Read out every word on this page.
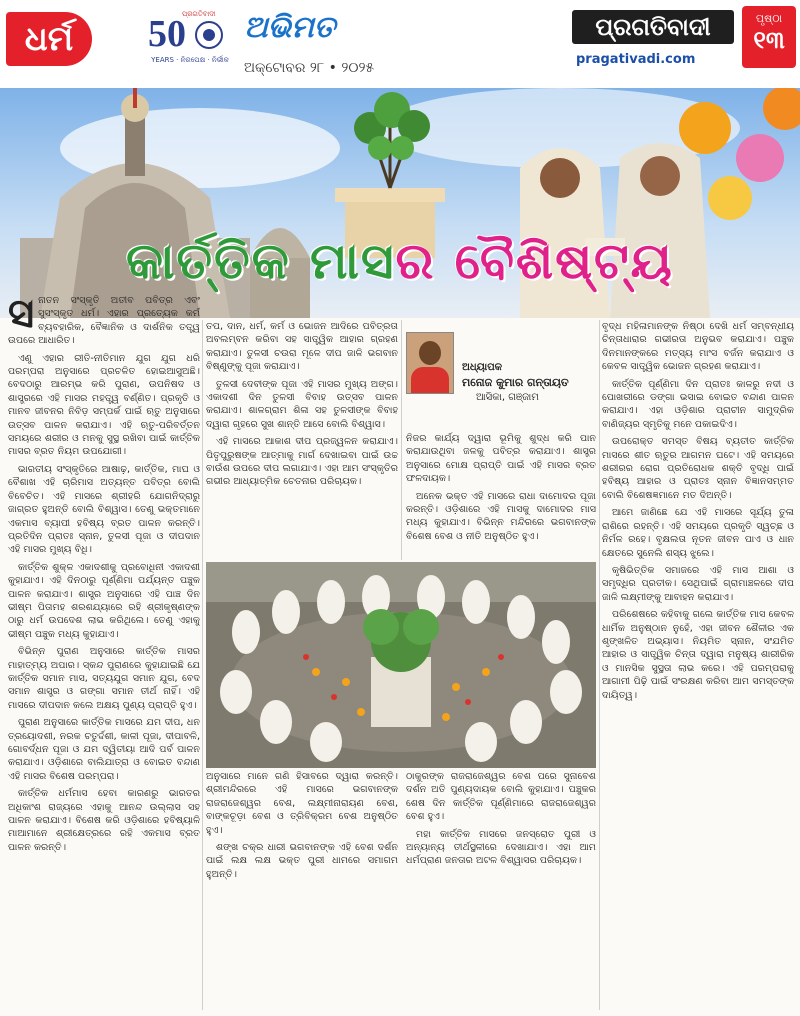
ଧର୍ମ
ପ୍ରଗତିବାଦୀ
50
YEARS · ନିରପେକ୍ଷ · ନିର୍ଭୀକ
ଅଭିମତ
ଅକ୍ଟୋବର ୨୮ • ୨୦୨୫
ପ୍ରଗତିବାଦୀ
pragativadi.com
ପୃଷ୍ଠା
୧୩
କାର୍ତ୍ତିକ ମାସର ବୈଶିଷ୍ଟ୍ୟ
ସ ନାତନ ସଂସ୍କୃତି ଅତୀବ ପବିତ୍ର ଏବଂ ସୁସଂସ୍କୃତ ଧର୍ମ। ଏହାର ପ୍ରତ୍ୟେକ କର୍ମ ବ୍ୟବହାରିକ, ବୈଜ୍ଞାନିକ ଓ ଦାର୍ଶନିକ ତତ୍ତ୍ୱ ଉପରେ ଆଧାରିତ।

ଏଣୁ ଏହାର ରୀତି-ନୀତିମାନ ଯୁଗ ଯୁଗ ଧରି ପରମ୍ପରା ଅନୁସାରେ ପ୍ରଚଳିତ ହୋଇଆସୁଅଛି। ବେଦଠାରୁ ଆରମ୍ଭ କରି ପୁରାଣ, ଉପନିଷଦ ଓ ଶାସ୍ତ୍ରରେ ଏହି ମାସର ମହତ୍ତ୍ୱ ବର୍ଣ୍ଣିତ। ପ୍ରକୃତି ଓ ମାନବ ଜୀବନର ନିବିଡ଼ ସମ୍ପର୍କ ପାଇଁ ଋତୁ ଅନୁସାରେ ଉତ୍ସବ ପାଳନ କରାଯାଏ। ଏହି ଋତୁ-ପରିବର୍ତ୍ତନ ସମୟରେ ଶରୀର ଓ ମନକୁ ସୁସ୍ଥ ରଖିବା ପାଇଁ କାର୍ତ୍ତିକ ମାସର ବ୍ରତ ନିୟମ ଉପଯୋଗୀ।

ଭାରତୀୟ ସଂସ୍କୃତିରେ ଆଷାଢ଼, କାର୍ତ୍ତିକ, ମାଘ ଓ ବୈଶାଖ ଏହି ଚାରିମାସ ଅତ୍ୟନ୍ତ ପବିତ୍ର ବୋଲି ବିବେଚିତ। ଏହି ମାସରେ ଶ୍ରୀହରି ଯୋଗନିଦ୍ରାରୁ ଜାଗ୍ରତ ହୁଅନ୍ତି ବୋଲି ବିଶ୍ୱାସ। ତେଣୁ ଭକ୍ତମାନେ ଏକମାସ ବ୍ୟାପୀ ହବିଷ୍ୟ ବ୍ରତ ପାଳନ କରନ୍ତି। ପ୍ରତିଦିନ ପ୍ରାତଃ ସ୍ନାନ, ତୁଳସୀ ପୂଜା ଓ ଦୀପଦାନ ଏହି ମାସର ମୁଖ୍ୟ ବିଧି।

କାର୍ତ୍ତିକ ଶୁକ୍ଳ ଏକାଦଶୀକୁ ପ୍ରବୋଧିନୀ ଏକାଦଶୀ କୁହାଯାଏ। ଏହି ଦିନଠାରୁ ପୂର୍ଣ୍ଣିମା ପର୍ଯ୍ୟନ୍ତ ପଞ୍ଚୁକ ପାଳନ କରାଯାଏ। ଶାସ୍ତ୍ର ଅନୁସାରେ ଏହି ପାଞ୍ଚ ଦିନ ଭୀଷ୍ମ ପିତାମହ ଶରଶଯ୍ୟାରେ ରହି ଶ୍ରୀକୃଷ୍ଣଙ୍କ ଠାରୁ ଧର୍ମ ଉପଦେଶ ଲାଭ କରିଥିଲେ। ତେଣୁ ଏହାକୁ ଭୀଷ୍ମ ପଞ୍ଚୁକ ମଧ୍ୟ କୁହାଯାଏ।

ବିଭିନ୍ନ ପୁରାଣ ଅନୁସାରେ କାର୍ତ୍ତିକ ମାସର ମାହାତ୍ମ୍ୟ ଅପାର। ସ୍କନ୍ଦ ପୁରାଣରେ କୁହାଯାଇଛି ଯେ କାର୍ତ୍ତିକ ସମାନ ମାସ, ସତ୍ୟଯୁଗ ସମାନ ଯୁଗ, ବେଦ ସମାନ ଶାସ୍ତ୍ର ଓ ଗଙ୍ଗା ସମାନ ତୀର୍ଥ ନାହିଁ। ଏହି ମାସରେ ଦୀପଦାନ କଲେ ଅକ୍ଷୟ ପୁଣ୍ୟ ପ୍ରାପ୍ତି ହୁଏ।

ପୁରାଣ ଅନୁସାରେ କାର୍ତ୍ତିକ ମାସରେ ଯମ ଦୀପ, ଧନ ତ୍ରୟୋଦଶୀ, ନରକ ଚତୁର୍ଦ୍ଦଶୀ, କାଳୀ ପୂଜା, ଦୀପାବଳି, ଗୋବର୍ଦ୍ଧନ ପୂଜା ଓ ଯମ ଦ୍ୱିତୀୟା ଆଦି ପର୍ବ ପାଳନ କରାଯାଏ। ଓଡ଼ିଶାରେ ବାଲିଯାତ୍ରା ଓ ବୋଇତ ବନ୍ଦାଣ ଏହି ମାସର ବିଶେଷ ପରମ୍ପରା।

କାର୍ତ୍ତିକ ଧର୍ମମାସ ହେବା କାରଣରୁ ଭାରତର ଅଧିକାଂଶ ରାଜ୍ୟରେ ଏହାକୁ ଆନନ୍ଦ ଉଲ୍ଲାସ ସହ ପାଳନ କରାଯାଏ। ବିଶେଷ କରି ଓଡ଼ିଶାରେ ହବିଷ୍ୟାଳି ମାଆମାନେ ଶ୍ରୀକ୍ଷେତ୍ରରେ ରହି ଏକମାସ ବ୍ରତ ପାଳନ କରନ୍ତି।

ତପ, ଦାନ, ଧର୍ମ, କର୍ମ ଓ ଭୋଜନ ଆଦିରେ ପବିତ୍ରତା ଅବଲମ୍ବନ କରିବା ସହ ସାତ୍ତ୍ୱିକ ଆହାର ଗ୍ରହଣ କରାଯାଏ। ତୁଳସୀ ଚଉରା ମୂଳେ ଦୀପ ଜାଳି ଭଗବାନ ବିଷ୍ଣୁଙ୍କୁ ପୂଜା କରାଯାଏ।

ତୁଳସୀ ଦେବୀଙ୍କ ପୂଜା ଏହି ମାସର ମୁଖ୍ୟ ଅଙ୍ଗ। ଏକାଦଶୀ ଦିନ ତୁଳସୀ ବିବାହ ଉତ୍ସବ ପାଳନ କରାଯାଏ। ଶାଳଗ୍ରାମ ଶିଳା ସହ ତୁଳସୀଙ୍କ ବିବାହ ଦ୍ୱାରା ଗୃହରେ ସୁଖ ଶାନ୍ତି ଆସେ ବୋଲି ବିଶ୍ୱାସ।

ଏହି ମାସରେ ଆକାଶ ଦୀପ ପ୍ରଜ୍ୱଳନ କରାଯାଏ। ପିତୃପୁରୁଷଙ୍କ ଆତ୍ମାକୁ ମାର୍ଗ ଦେଖାଇବା ପାଇଁ ଉଚ୍ଚ ବାଉଁଶ ଉପରେ ଦୀପ ଲଗାଯାଏ। ଏହା ଆମ ସଂସ୍କୃତିର ଗଭୀର ଆଧ୍ୟାତ୍ମିକ ଚେତନାର ପରିଚାୟକ।

ଅଧ୍ୟାପକ
ମନୋଜ କୁମାର ଗନ୍ତାୟତ
ଆସିକା, ଗଞ୍ଜାମ

ନିଜର କାର୍ଯ୍ୟ ଦ୍ୱାରା ଭୂମିକୁ ଶୁଦ୍ଧ କରି ପାନ କରାଯାଉଥିବା ଜଳକୁ ପବିତ୍ର କରାଯାଏ। ଶାସ୍ତ୍ର ଅନୁସାରେ ମୋକ୍ଷ ପ୍ରାପ୍ତି ପାଇଁ ଏହି ମାସର ବ୍ରତ ଫଳଦାୟକ।

ଅନେକ ଭକ୍ତ ଏହି ମାସରେ ରାଧା ଦାମୋଦର ପୂଜା କରନ୍ତି। ଓଡ଼ିଶାରେ ଏହି ମାସକୁ ଦାମୋଦର ମାସ ମଧ୍ୟ କୁହାଯାଏ। ବିଭିନ୍ନ ମନ୍ଦିରରେ ଭଗବାନଙ୍କ ବିଶେଷ ବେଶ ଓ ନୀତି ଅନୁଷ୍ଠିତ ହୁଏ।

ବୃଦ୍ଧ ମହିଳାମାନଙ୍କ ନିଷ୍ଠା ଦେଖି ଧର୍ମ ସମ୍ବନ୍ଧୀୟ ଚିନ୍ତାଧାରାର ଗଭୀରତା ଅନୁଭବ କରାଯାଏ। ପଞ୍ଚୁକ ଦିନମାନଙ୍କରେ ମତ୍ସ୍ୟ ମାଂସ ବର୍ଜନ କରାଯାଏ ଓ କେବଳ ସାତ୍ତ୍ୱିକ ଭୋଜନ ଗ୍ରହଣ କରାଯାଏ।

କାର୍ତ୍ତିକ ପୂର୍ଣ୍ଣିମା ଦିନ ପ୍ରାତଃ କାଳରୁ ନଦୀ ଓ ପୋଖରୀରେ ଡଙ୍ଗା ଭସାଇ ବୋଇତ ବନ୍ଦାଣ ପାଳନ କରାଯାଏ। ଏହା ଓଡ଼ିଶାର ପ୍ରାଚୀନ ସାମୁଦ୍ରିକ ବାଣିଜ୍ୟର ସ୍ମୃତିକୁ ମନେ ପକାଇଦିଏ।

ଉପରୋକ୍ତ ସମସ୍ତ ବିଷୟ ବ୍ୟତୀତ କାର୍ତ୍ତିକ ମାସରେ ଶୀତ ଋତୁର ଆଗମନ ଘଟେ। ଏହି ସମୟରେ ଶରୀରର ରୋଗ ପ୍ରତିରୋଧକ ଶକ୍ତି ବୃଦ୍ଧି ପାଇଁ ହବିଷ୍ୟ ଆହାର ଓ ପ୍ରାତଃ ସ୍ନାନ ବିଜ୍ଞାନସମ୍ମତ ବୋଲି ବିଶେଷଜ୍ଞମାନେ ମତ ଦିଅନ୍ତି।

ଆମେ ଜାଣିଛେ ଯେ ଏହି ମାସରେ ସୂର୍ଯ୍ୟ ତୁଳା ରାଶିରେ ରହନ୍ତି। ଏହି ସମୟରେ ପ୍ରକୃତି ସ୍ୱଚ୍ଛ ଓ ନିର୍ମଳ ରହେ। ବୃକ୍ଷଲତା ନୂତନ ଜୀବନ ପାଏ ଓ ଧାନ କ୍ଷେତରେ ସୁନେଲି ଶସ୍ୟ ଝୁଲେ।

କୃଷିଭିତ୍ତିକ ସମାଜରେ ଏହି ମାସ ଆଶା ଓ ସମୃଦ୍ଧିର ପ୍ରତୀକ। ସେଥିପାଇଁ ଗ୍ରାମାଞ୍ଚଳରେ ଦୀପ ଜାଳି ଲକ୍ଷ୍ମୀଙ୍କୁ ଆବାହନ କରାଯାଏ।

ପରିଶେଷରେ କହିବାକୁ ଗଲେ କାର୍ତ୍ତିକ ମାସ କେବଳ ଧାର୍ମିକ ଅନୁଷ୍ଠାନ ନୁହେଁ, ଏହା ଜୀବନ ଶୈଳୀର ଏକ ଶୃଙ୍ଖଳିତ ଅଭ୍ୟାସ। ନିୟମିତ ସ୍ନାନ, ସଂଯମିତ ଆହାର ଓ ସାତ୍ତ୍ୱିକ ଚିନ୍ତା ଦ୍ୱାରା ମନୁଷ୍ୟ ଶାରୀରିକ ଓ ମାନସିକ ସୁସ୍ଥତା ଲାଭ କରେ। ଏହି ପରମ୍ପରାକୁ ଆଗାମୀ ପିଢ଼ି ପାଇଁ ସଂରକ୍ଷଣ କରିବା ଆମ ସମସ୍ତଙ୍କ ଦାୟିତ୍ୱ।

ଅନୁସାରେ ମାନେ ଗଣି ହିସାବରେ ଦ୍ୱାରା କରନ୍ତି। ଶ୍ରୀମନ୍ଦିରରେ ଏହି ମାସରେ ଭଗବାନଙ୍କ ରାଜରାଜେଶ୍ୱର ବେଶ, ଲକ୍ଷ୍ମୀନାରାୟଣ ବେଶ, ବାଙ୍କଚୂଡ଼ା ବେଶ ଓ ତ୍ରିବିକ୍ରମ ବେଶ ଅନୁଷ୍ଠିତ ହୁଏ।

ଶଙ୍ଖ ଚକ୍ର ଧାରୀ ଭଗବାନଙ୍କ ଏହି ବେଶ ଦର୍ଶନ ପାଇଁ ଲକ୍ଷ ଲକ୍ଷ ଭକ୍ତ ପୁରୀ ଧାମରେ ସମାଗମ ହୁଅନ୍ତି।

ଠାକୁରଙ୍କ ରାଜରାଜେଶ୍ୱର ବେଶ ପରେ ସୁନାବେଶ ଦର୍ଶନ ଅତି ପୁଣ୍ୟଦାୟକ ବୋଲି କୁହାଯାଏ। ପଞ୍ଚୁକର ଶେଷ ଦିନ କାର୍ତ୍ତିକ ପୂର୍ଣ୍ଣିମାରେ ରାଜରାଜେଶ୍ୱର ବେଶ ହୁଏ।

ମହା କାର୍ତ୍ତିକ ମାସରେ ଜନସ୍ରୋତ ପୁରୀ ଓ ଅନ୍ୟାନ୍ୟ ତୀର୍ଥସ୍ଥଳୀରେ ଦେଖାଯାଏ। ଏହା ଆମ ଧର୍ମପ୍ରାଣ ଜନତାର ଅଟଳ ବିଶ୍ୱାସର ପରିଚାୟକ।
